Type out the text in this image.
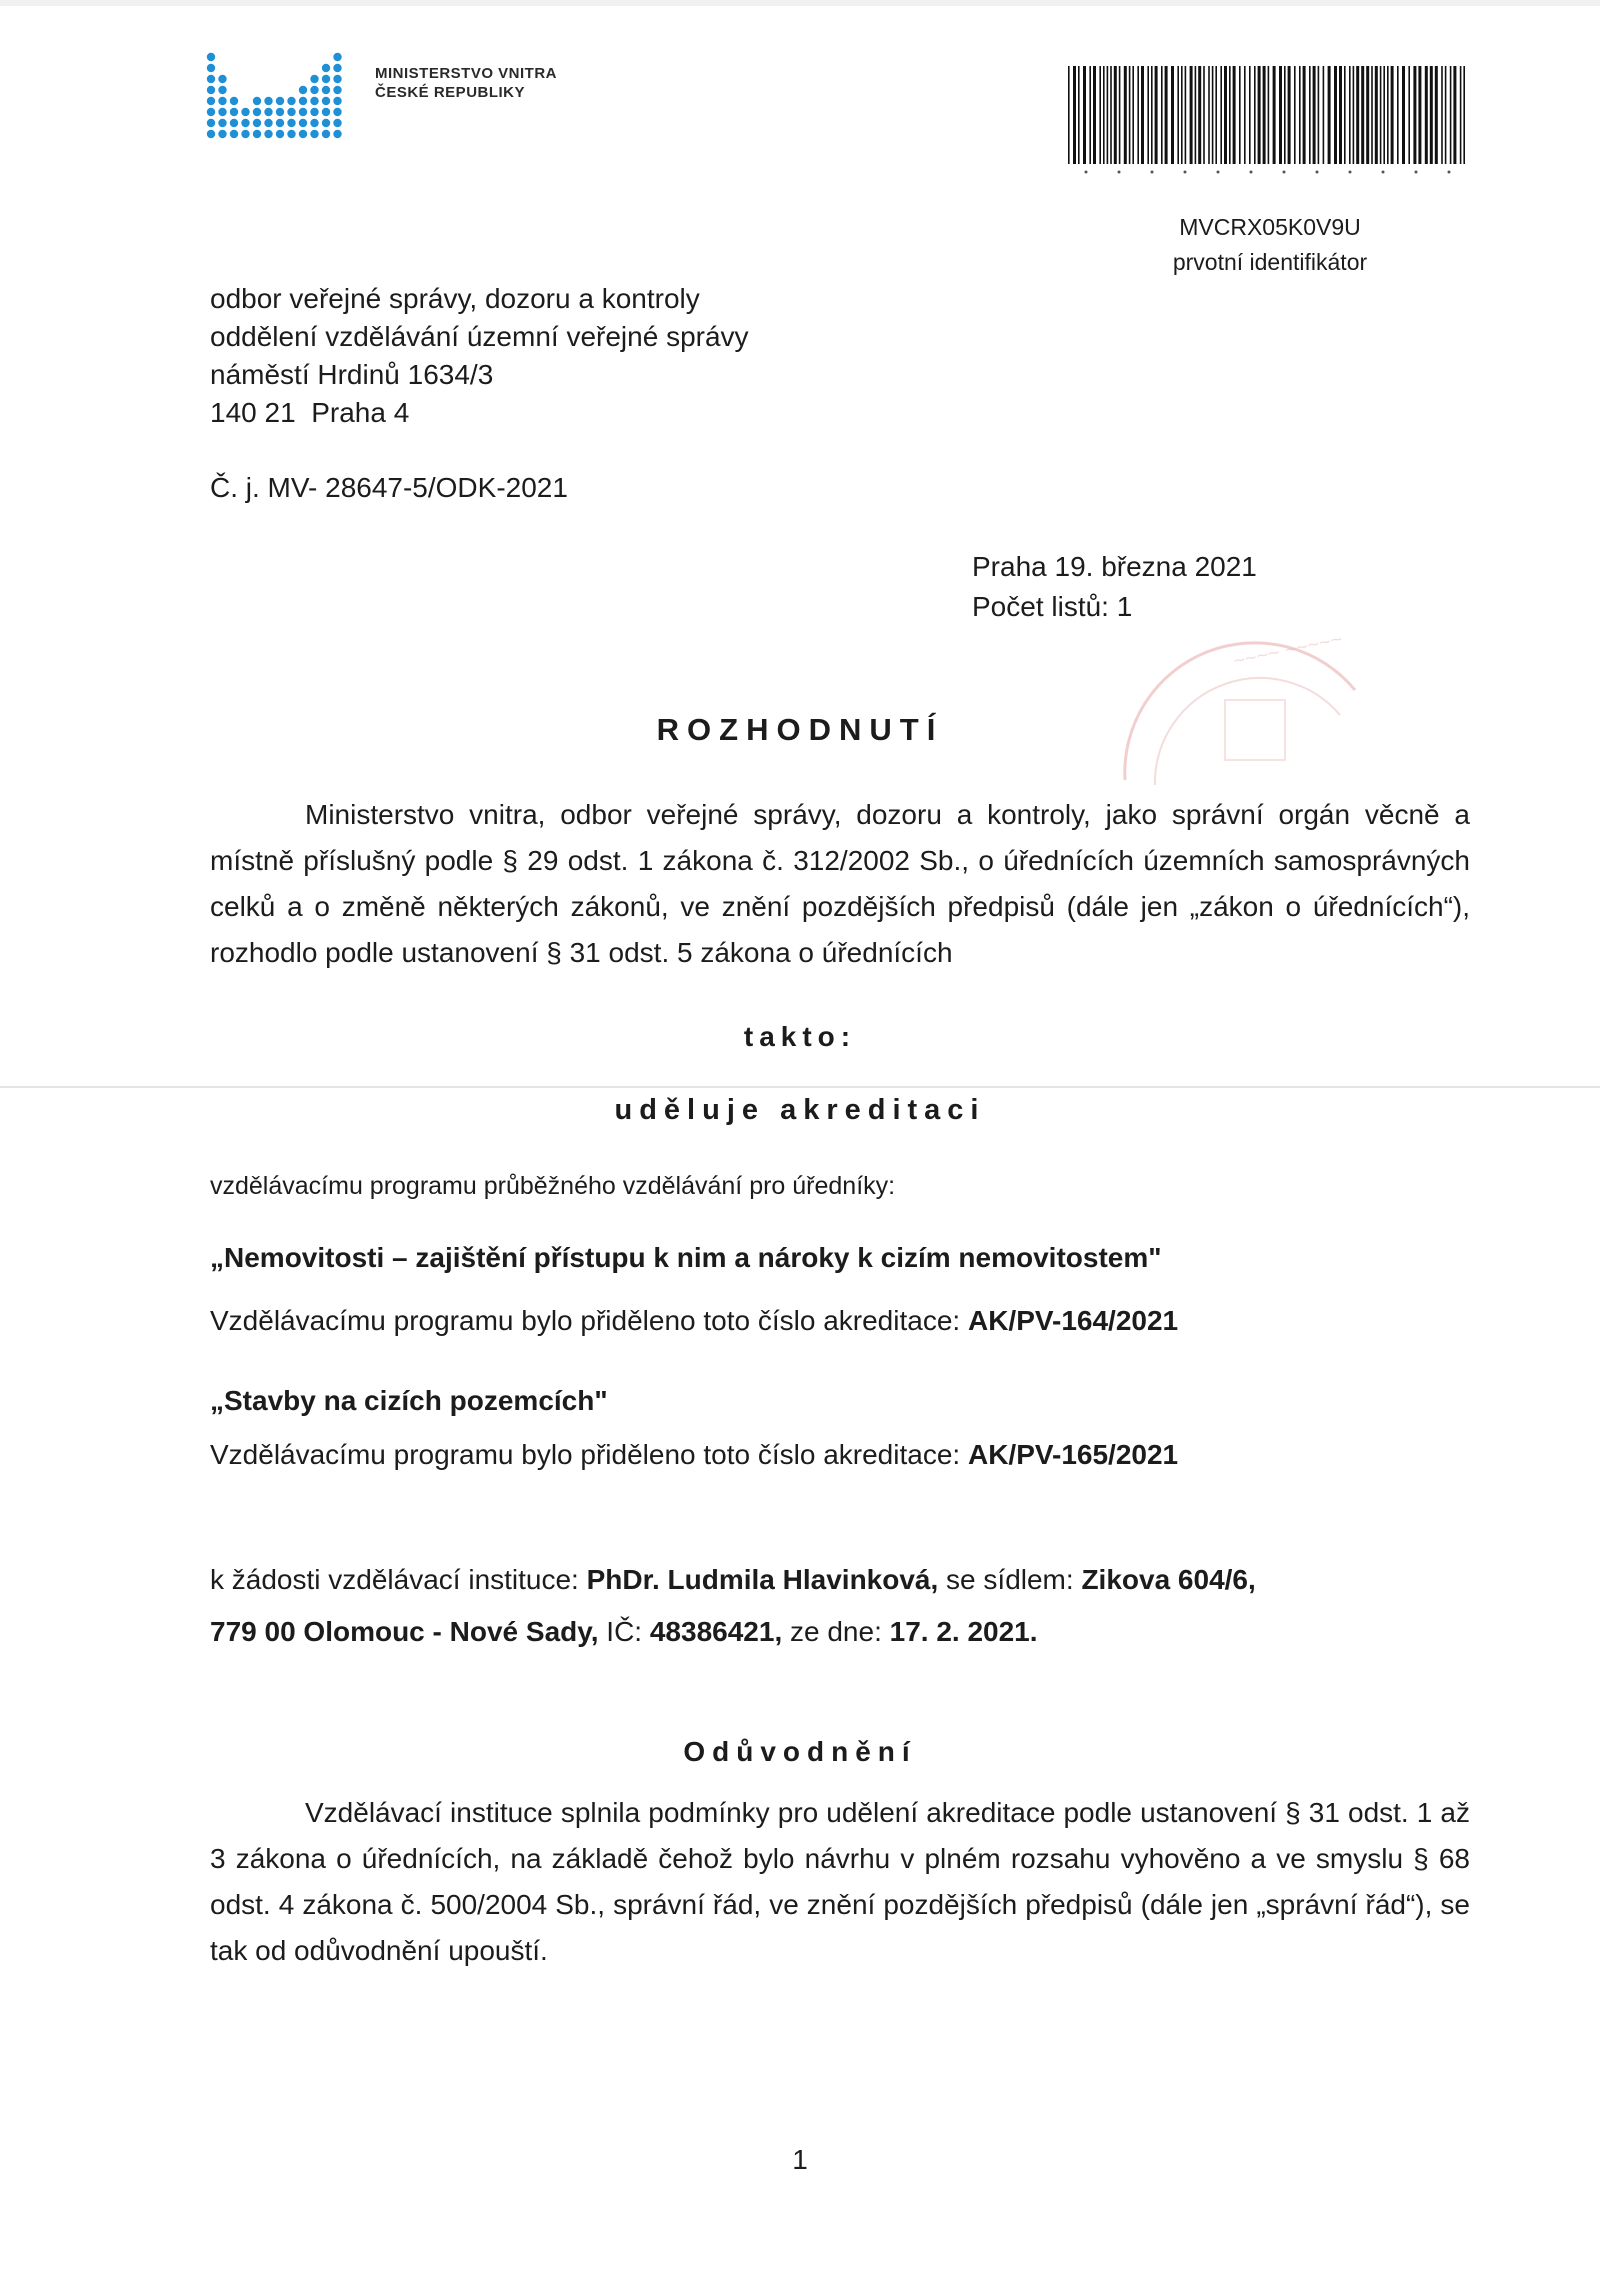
MINISTERSTVO VNITRA
ČESKÉ REPUBLIKY
MVCRX05K0V9U
prvotní identifikátor
odbor veřejné správy, dozoru a kontroly
oddělení vzdělávání územní veřejné správy
náměstí Hrdinů 1634/3
140 21  Praha 4
Č. j. MV- 28647-5/ODK-2021
Praha 19. března 2021
Počet listů: 1
~~~~ ~~~~~
ROZHODNUTÍ
Ministerstvo vnitra, odbor veřejné správy, dozoru a kontroly, jako správní orgán věcně a místně příslušný podle § 29 odst. 1 zákona č. 312/2002 Sb., o úřednících územních samosprávných celků a o změně některých zákonů, ve znění pozdějších předpisů (dále jen „zákon o úřednících“), rozhodlo podle ustanovení § 31 odst. 5 zákona o úřednících
takto:
uděluje akreditaci
vzdělávacímu programu průběžného vzdělávání pro úředníky:
„Nemovitosti – zajištění přístupu k nim a nároky k cizím nemovitostem"
Vzdělávacímu programu bylo přiděleno toto číslo akreditace: AK/PV-164/2021
„Stavby na cizích pozemcích"
Vzdělávacímu programu bylo přiděleno toto číslo akreditace: AK/PV-165/2021
k žádosti vzdělávací instituce: PhDr. Ludmila Hlavinková, se sídlem: Zikova 604/6,
779 00 Olomouc - Nové Sady, IČ: 48386421, ze dne: 17. 2. 2021.
Odůvodnění
Vzdělávací instituce splnila podmínky pro udělení akreditace podle ustanovení § 31 odst. 1 až 3 zákona o úřednících, na základě čehož bylo návrhu v plném rozsahu vyhověno a ve smyslu § 68 odst. 4 zákona č. 500/2004 Sb., správní řád, ve znění pozdějších předpisů (dále jen „správní řád“), se tak od odůvodnění upouští.
1
